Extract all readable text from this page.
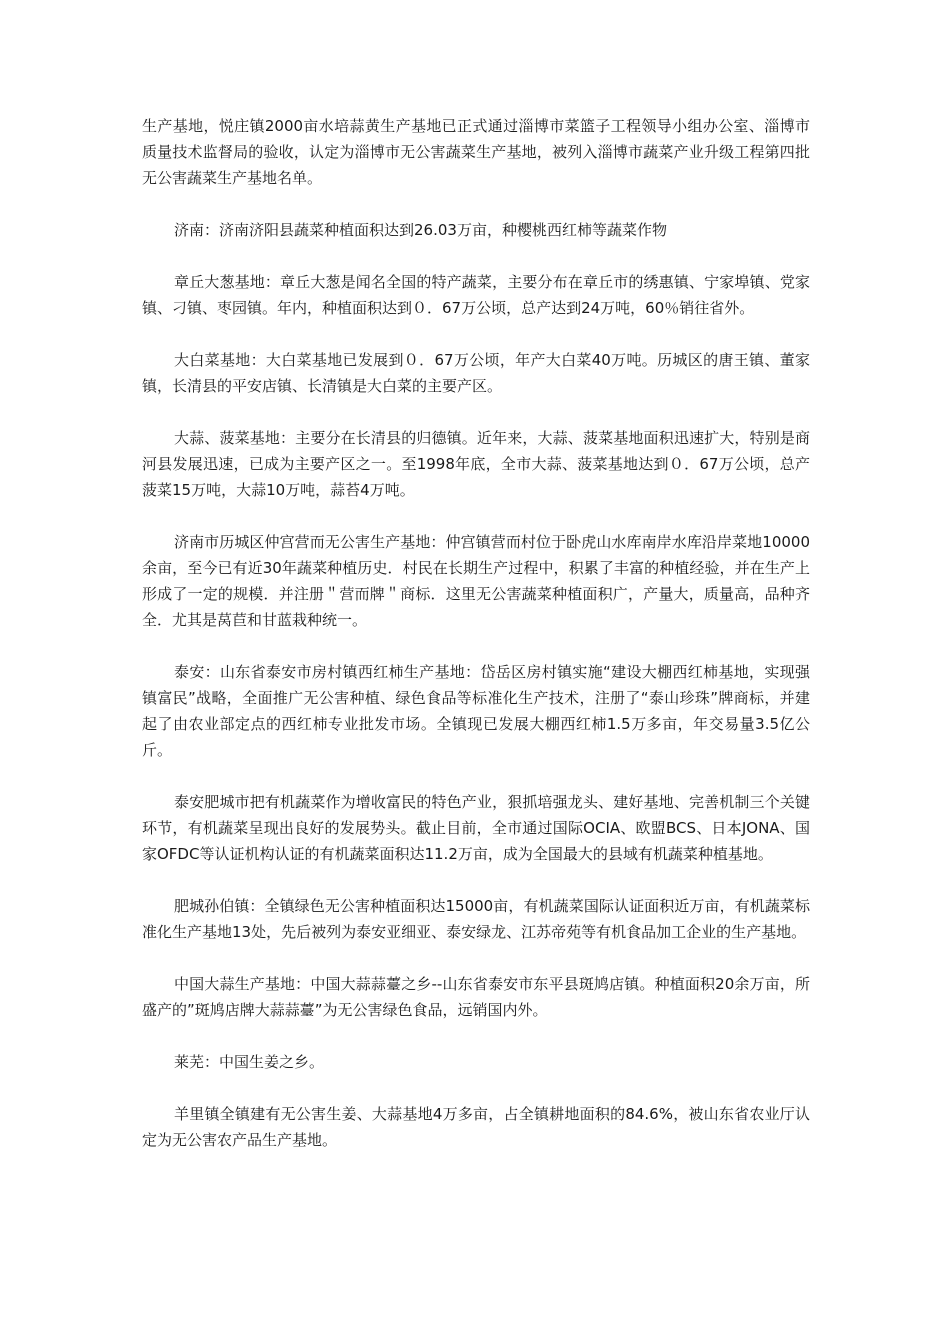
生产基地，悦庄镇2000亩水培蒜黄生产基地已正式通过淄博市菜篮子工程领导小组办公室、淄博市质量技术监督局的验收，认定为淄博市无公害蔬菜生产基地，被列入淄博市蔬菜产业升级工程第四批无公害蔬菜生产基地名单。

济南：济南济阳县蔬菜种植面积达到26.03万亩，种樱桃西红柿等蔬菜作物

章丘大葱基地：章丘大葱是闻名全国的特产蔬菜，主要分布在章丘市的绣惠镇、宁家埠镇、党家镇、刁镇、枣园镇。年内，种植面积达到０．67万公顷，总产达到24万吨，60％销往省外。

大白菜基地：大白菜基地已发展到０．67万公顷，年产大白菜40万吨。历城区的唐王镇、董家镇，长清县的平安店镇、长清镇是大白菜的主要产区。

大蒜、菠菜基地：主要分在长清县的归德镇。近年来，大蒜、菠菜基地面积迅速扩大，特别是商河县发展迅速，已成为主要产区之一。至1998年底，全市大蒜、菠菜基地达到０．67万公顷，总产菠菜15万吨，大蒜10万吨，蒜苔4万吨。

济南市历城区仲宫营而无公害生产基地：仲宫镇营而村位于卧虎山水库南岸水库沿岸菜地10000余亩，至今已有近30年蔬菜种植历史．村民在长期生产过程中，积累了丰富的种植经验，并在生产上形成了一定的规模．并注册＂营而牌＂商标．这里无公害蔬菜种植面积广，产量大，质量高，品种齐全．尤其是莴苣和甘蓝栽种统一。

泰安：山东省泰安市房村镇西红柿生产基地：岱岳区房村镇实施“建设大棚西红柿基地，实现强镇富民”战略，全面推广无公害种植、绿色食品等标准化生产技术，注册了“泰山珍珠”牌商标，并建起了由农业部定点的西红柿专业批发市场。全镇现已发展大棚西红柿1.5万多亩，年交易量3.5亿公斤。

泰安肥城市把有机蔬菜作为增收富民的特色产业，狠抓培强龙头、建好基地、完善机制三个关键环节，有机蔬菜呈现出良好的发展势头。截止目前，全市通过国际OCIA、欧盟BCS、日本JONA、国家OFDC等认证机构认证的有机蔬菜面积达11.2万亩，成为全国最大的县域有机蔬菜种植基地。

肥城孙伯镇：全镇绿色无公害种植面积达15000亩，有机蔬菜国际认证面积近万亩，有机蔬菜标准化生产基地13处，先后被列为泰安亚细亚、泰安绿龙、江苏帝苑等有机食品加工企业的生产基地。

中国大蒜生产基地：中国大蒜蒜薹之乡--山东省泰安市东平县斑鸠店镇。种植面积20余万亩，所盛产的”斑鸠店牌大蒜蒜薹”为无公害绿色食品，远销国内外。

莱芜：中国生姜之乡。

羊里镇全镇建有无公害生姜、大蒜基地4万多亩，占全镇耕地面积的84.6%，被山东省农业厅认定为无公害农产品生产基地。
